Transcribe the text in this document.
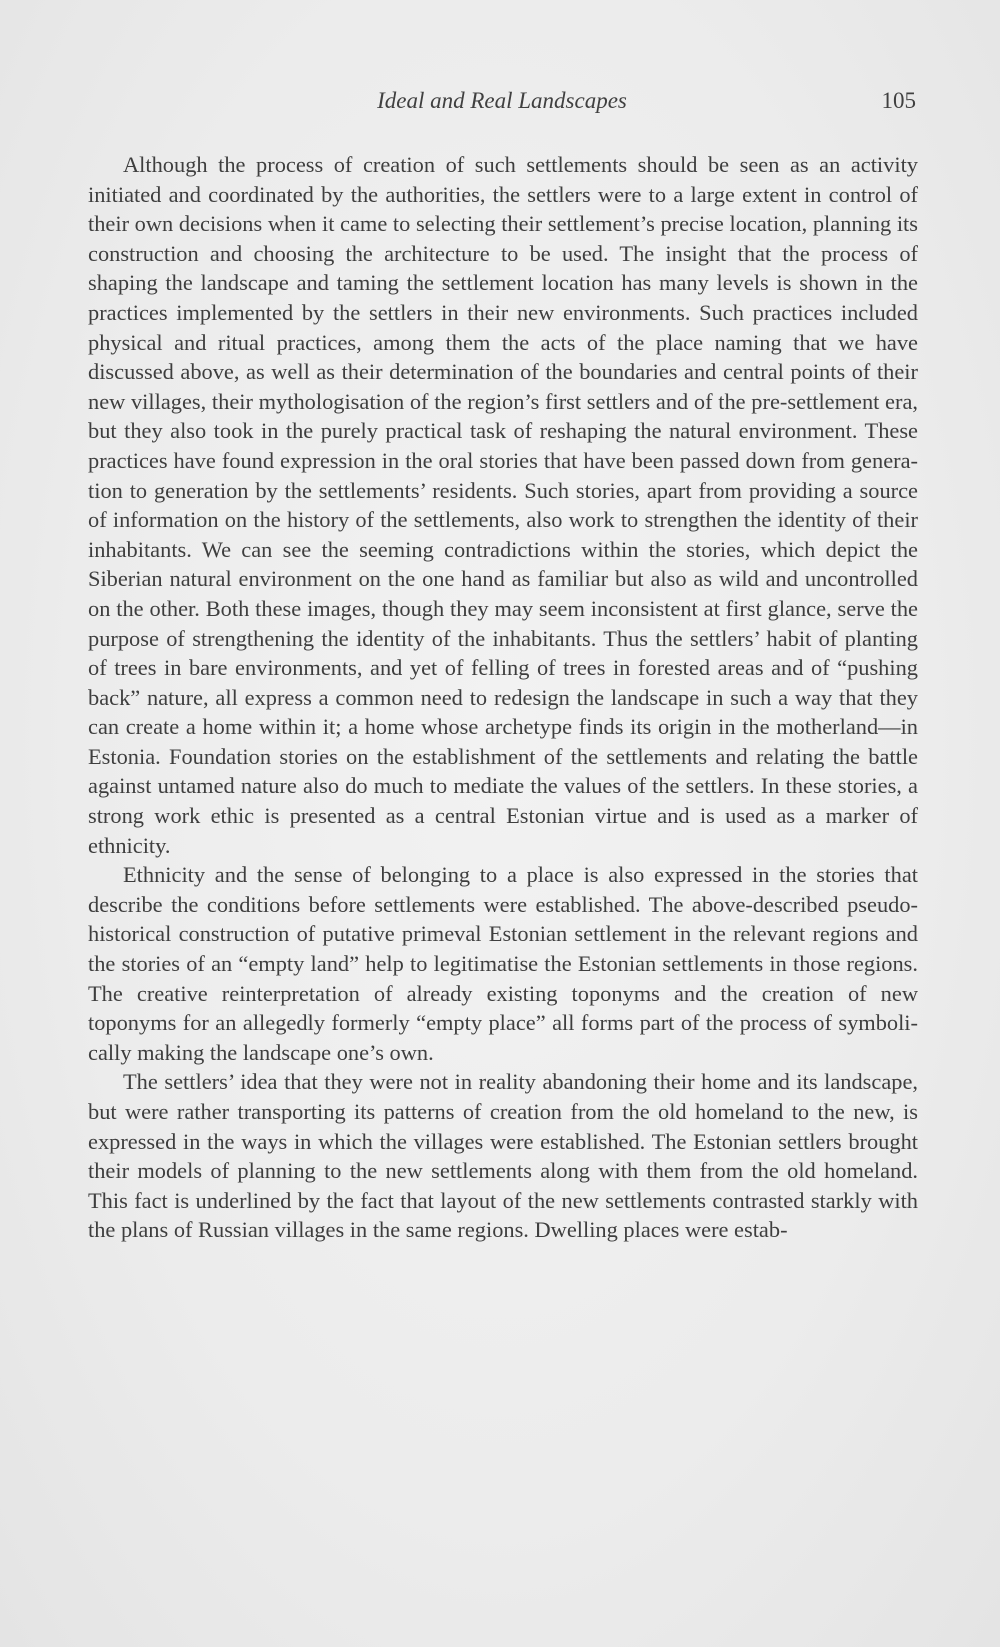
Ideal and Real Landscapes	105

Although the process of creation of such settlements should be seen as an activity initiated and coordinated by the authorities, the settlers were to a large extent in control of their own decisions when it came to selecting their settlement’s precise location, planning its construction and choosing the architecture to be used. The insight that the process of shaping the landscape and taming the settlement location has many levels is shown in the practices implemented by the settlers in their new environments. Such practices included physical and ritual practices, among them the acts of the place naming that we have discussed above, as well as their determination of the boundaries and central points of their new villages, their mythologisation of the region’s first settlers and of the pre-settlement era, but they also took in the purely practical task of reshaping the natural environment. These practices have found expression in the oral stories that have been passed down from generation to generation by the settlements’ residents. Such stories, apart from providing a source of information on the history of the settlements, also work to strengthen the identity of their inhabitants. We can see the seeming contradictions within the stories, which depict the Siberian natural environment on the one hand as familiar but also as wild and uncontrolled on the other. Both these images, though they may seem inconsistent at first glance, serve the purpose of strengthening the identity of the inhabitants. Thus the settlers’ habit of planting of trees in bare environments, and yet of felling of trees in forested areas and of “pushing back” nature, all express a common need to redesign the landscape in such a way that they can create a home within it; a home whose archetype finds its origin in the motherland—in Estonia. Foundation stories on the establishment of the settlements and relating the battle against untamed nature also do much to mediate the values of the settlers. In these stories, a strong work ethic is presented as a central Estonian virtue and is used as a marker of ethnicity.

Ethnicity and the sense of belonging to a place is also expressed in the stories that describe the conditions before settlements were established. The above-described pseudo-historical construction of putative primeval Estonian settlement in the relevant regions and the stories of an “empty land” help to legitimatise the Estonian settlements in those regions. The creative reinterpretation of already existing toponyms and the creation of new toponyms for an allegedly formerly “empty place” all forms part of the process of symbolically making the landscape one’s own.

The settlers’ idea that they were not in reality abandoning their home and its landscape, but were rather transporting its patterns of creation from the old homeland to the new, is expressed in the ways in which the villages were established. The Estonian settlers brought their models of planning to the new settlements along with them from the old homeland. This fact is underlined by the fact that layout of the new settlements contrasted starkly with the plans of Russian villages in the same regions. Dwelling places were estab-
